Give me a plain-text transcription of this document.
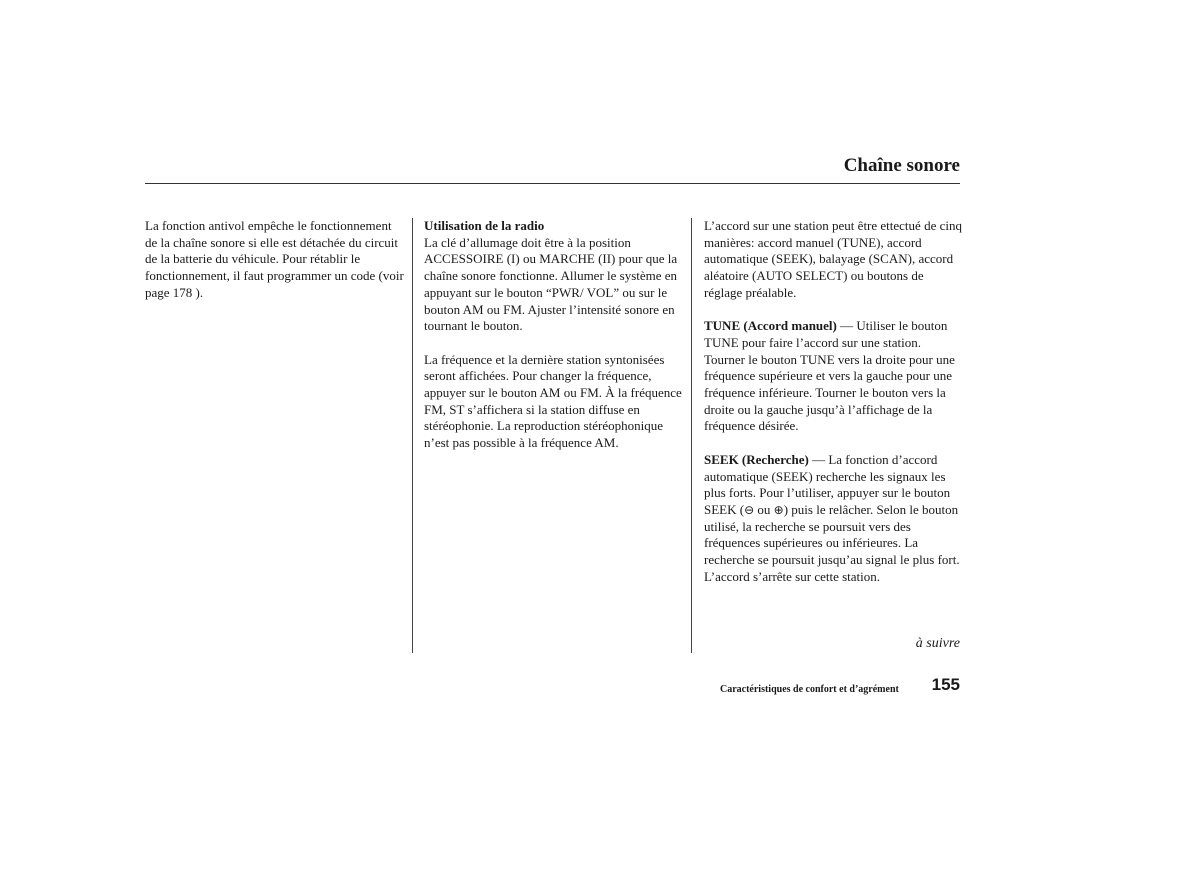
Chaîne sonore

La fonction antivol empêche le fonctionnement de la chaîne sonore si elle est détachée du circuit de la batterie du véhicule. Pour rétablir le fonctionnement, il faut programmer un code (voir page 178 ).

Utilisation de la radio
La clé d’allumage doit être à la position ACCESSOIRE (I) ou MARCHE (II) pour que la chaîne sonore fonctionne. Allumer le système en appuyant sur le bouton “PWR/ VOL” ou sur le bouton AM ou FM. Ajuster l’intensité sonore en tournant le bouton.

La fréquence et la dernière station syntonisées seront affichées. Pour changer la fréquence, appuyer sur le bouton AM ou FM. À la fréquence FM, ST s’affichera si la station diffuse en stéréophonie. La reproduction stéréophonique n’est pas possible à la fréquence AM.

L’accord sur une station peut être ettectué de cinq manières: accord manuel (TUNE), accord automatique (SEEK), balayage (SCAN), accord aléatoire (AUTO SELECT) ou boutons de réglage préalable.

TUNE (Accord manuel) — Utiliser le bouton TUNE pour faire l’accord sur une station. Tourner le bouton TUNE vers la droite pour une fréquence supérieure et vers la gauche pour une fréquence inférieure. Tourner le bouton vers la droite ou la gauche jusqu’à l’affichage de la fréquence désirée.

SEEK (Recherche) — La fonction d’accord automatique (SEEK) recherche les signaux les plus forts. Pour l’utiliser, appuyer sur le bouton SEEK (⊖ ou ⊕) puis le relâcher. Selon le bouton utilisé, la recherche se poursuit vers des fréquences supérieures ou inférieures. La recherche se poursuit jusqu’au signal le plus fort. L’accord s’arrête sur cette station.

à suivre
Caractéristiques de confort et d’agrément 155
